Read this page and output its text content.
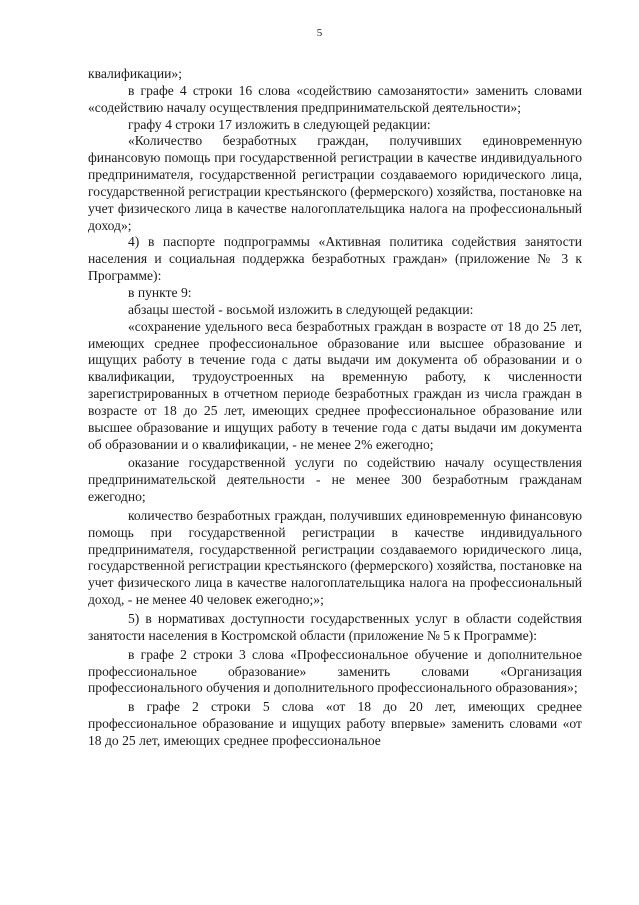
5

квалификации»;

в графе 4 строки 16 слова «содействию самозанятости» заменить словами «содействию началу осуществления предпринимательской деятельности»;

графу 4 строки 17 изложить в следующей редакции:

«Количество безработных граждан, получивших единовременную финансовую помощь при государственной регистрации в качестве индивидуального предпринимателя, государственной регистрации создаваемого юридического лица, государственной регистрации крестьянского (фермерского) хозяйства, постановке на учет физического лица в качестве налогоплательщика налога на профессиональный доход»;

4) в паспорте подпрограммы «Активная политика содействия занятости населения и социальная поддержка безработных граждан» (приложение № 3 к Программе):

в пункте 9:

абзацы шестой - восьмой изложить в следующей редакции:

«сохранение удельного веса безработных граждан в возрасте от 18 до 25 лет, имеющих среднее профессиональное образование или высшее образование и ищущих работу в течение года с даты выдачи им документа об образовании и о квалификации, трудоустроенных на временную работу, к численности зарегистрированных в отчетном периоде безработных граждан из числа граждан в возрасте от 18 до 25 лет, имеющих среднее профессиональное образование или высшее образование и ищущих работу в течение года с даты выдачи им документа об образовании и о квалификации, - не менее 2% ежегодно;

оказание государственной услуги по содействию началу осуществления предпринимательской деятельности - не менее 300 безработным гражданам ежегодно;

количество безработных граждан, получивших единовременную финансовую помощь при государственной регистрации в качестве индивидуального предпринимателя, государственной регистрации создаваемого юридического лица, государственной регистрации крестьянского (фермерского) хозяйства, постановке на учет физического лица в качестве налогоплательщика налога на профессиональный доход, - не менее 40 человек ежегодно;»;

5) в нормативах доступности государственных услуг в области содействия занятости населения в Костромской области (приложение № 5 к Программе):

в графе 2 строки 3 слова «Профессиональное обучение и дополнительное профессиональное образование» заменить словами «Организация профессионального обучения и дополнительного профессионального образования»;

в графе 2 строки 5 слова «от 18 до 20 лет, имеющих среднее профессиональное образование и ищущих работу впервые» заменить словами «от 18 до 25 лет, имеющих среднее профессиональное
